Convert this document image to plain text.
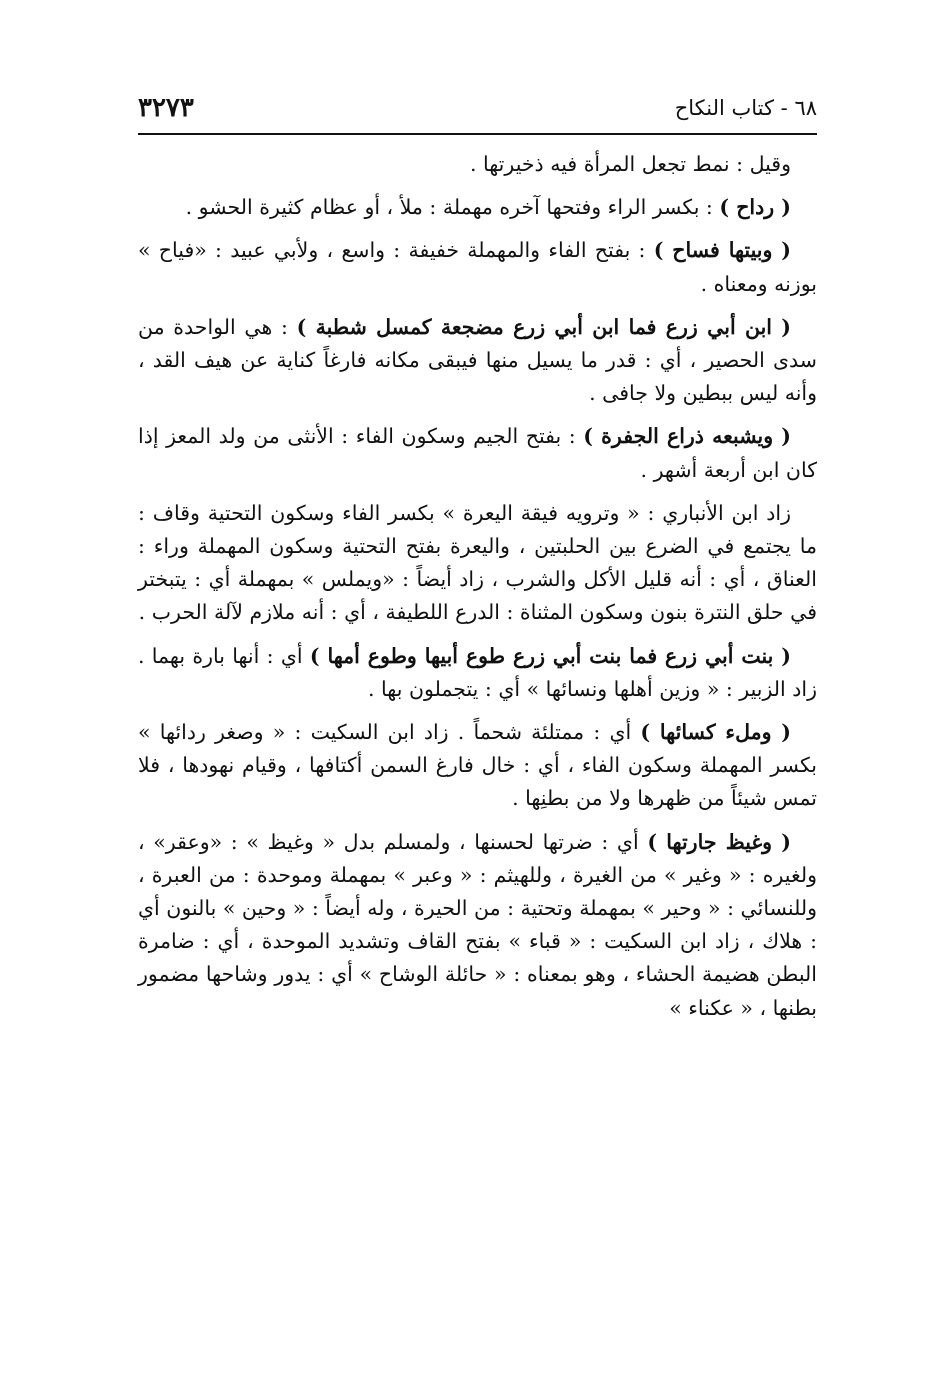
٦٨ - كتاب النكاح
٣٢٧٣

وقيل : نمط تجعل المرأة فيه ذخيرتها .

( رداح ) : بكسر الراء وفتحها آخره مهملة : ملأ ، أو عظام كثيرة الحشو .

( وبيتها فساح ) : بفتح الفاء والمهملة خفيفة : واسع ، ولأبي عبيد : «فياح » بوزنه ومعناه .

( ابن أبي زرع فما ابن أبي زرع مضجعة كمسل شطبة ) : هي الواحدة من سدى الحصير ، أي : قدر ما يسيل منها فيبقى مكانه فارغاً كناية عن هيف القد ، وأنه ليس ببطين ولا جافى .

( ويشبعه ذراع الجفرة ) : بفتح الجيم وسكون الفاء : الأنثى من ولد المعز إذا كان ابن أربعة أشهر .

زاد ابن الأنباري : « وترويه فيقة اليعرة » بكسر الفاء وسكون التحتية وقاف : ما يجتمع في الضرع بين الحلبتين ، واليعرة بفتح التحتية وسكون المهملة وراء : العناق ، أي : أنه قليل الأكل والشرب ، زاد أيضاً : «ويملس » بمهملة أي : يتبختر في حلق النترة بنون وسكون المثناة : الدرع اللطيفة ، أي : أنه ملازم لآلة الحرب .

( بنت أبي زرع فما بنت أبي زرع طوع أبيها وطوع أمها ) أي : أنها بارة بهما . زاد الزبير : « وزين أهلها ونسائها » أي : يتجملون بها .

( وملء كسائها ) أي : ممتلئة شحماً . زاد ابن السكيت : « وصغر ردائها » بكسر المهملة وسكون الفاء ، أي : خال فارغ السمن أكتافها ، وقيام نهودها ، فلا تمس شيئاً من ظهرها ولا من بطنِها .

( وغيظ جارتها ) أي : ضرتها لحسنها ، ولمسلم بدل « وغيظ » : «وعقر» ، ولغيره : « وغير » من الغيرة ، وللهيثم : « وعبر » بمهملة وموحدة : من العبرة ، وللنسائي : « وحير » بمهملة وتحتية : من الحيرة ، وله أيضاً : « وحين » بالنون أي : هلاك ، زاد ابن السكيت : « قباء » بفتح القاف وتشديد الموحدة ، أي : ضامرة البطن هضيمة الحشاء ، وهو بمعناه : « حائلة الوشاح » أي : يدور وشاحها مضمور بطنها ، « عكناء »
